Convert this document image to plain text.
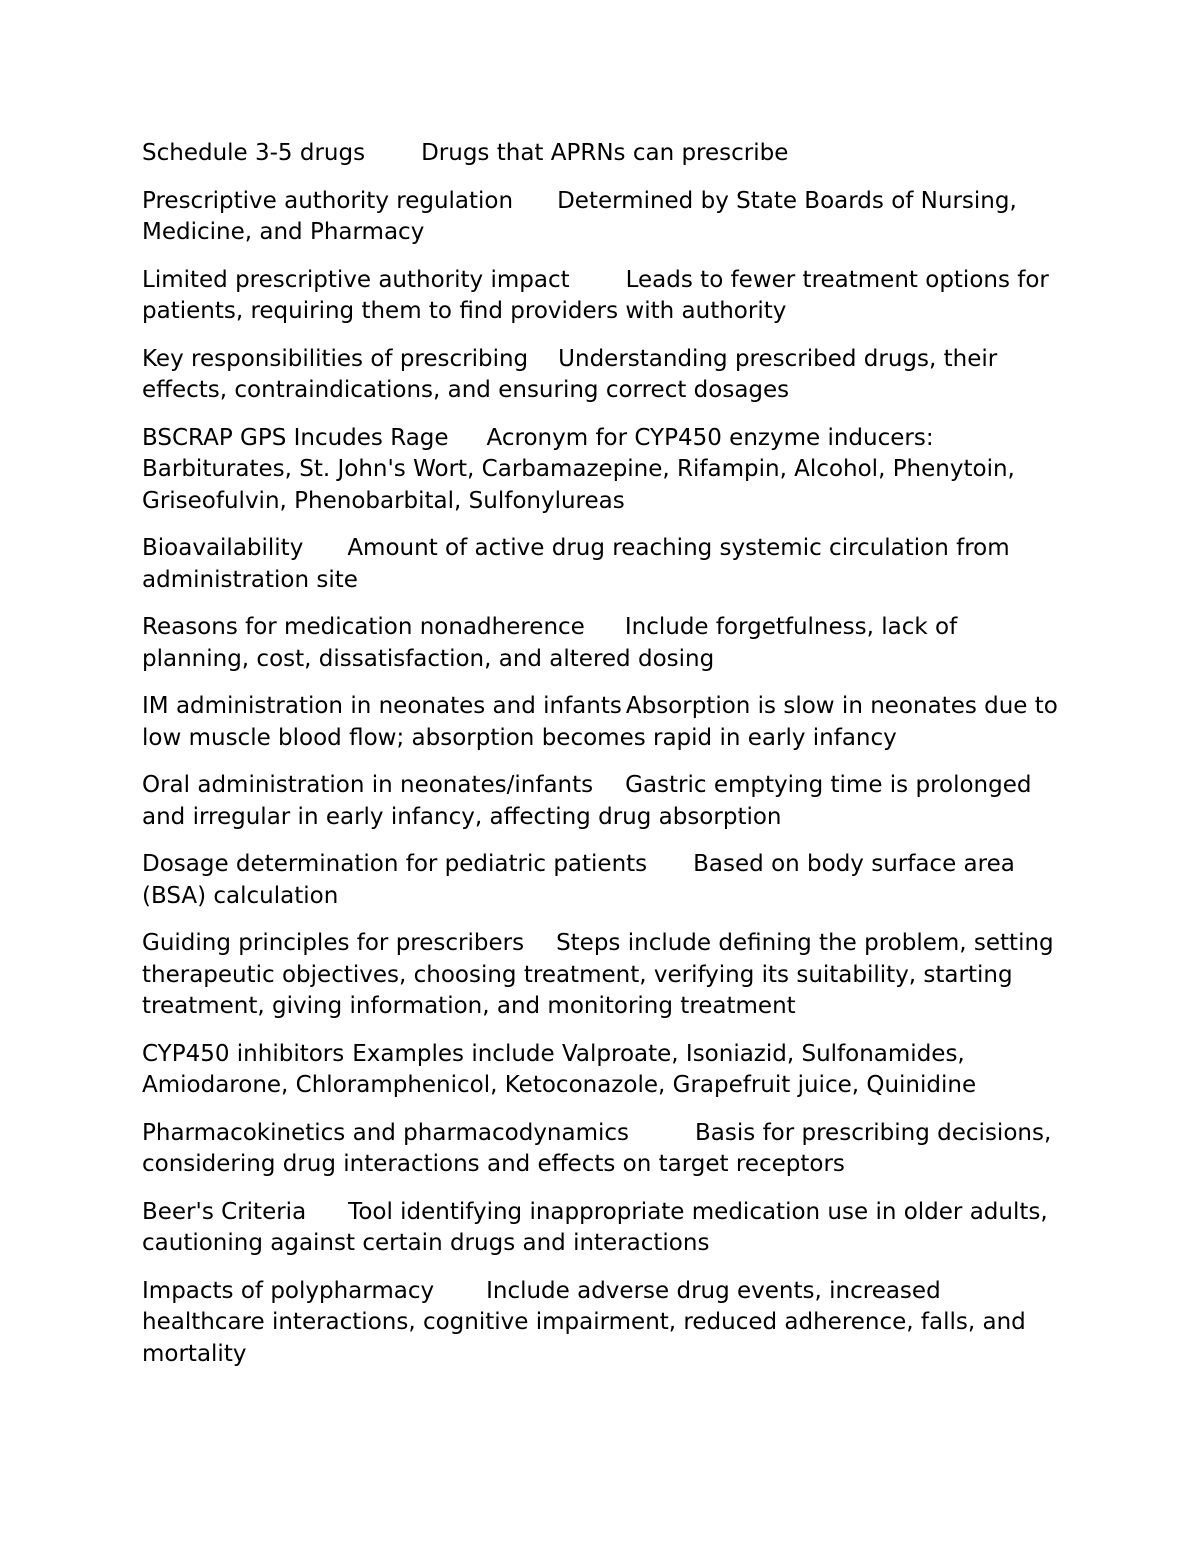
Schedule 3-5 drugs Drugs that APRNs can prescribe

Prescriptive authority regulation Determined by State Boards of Nursing, Medicine, and Pharmacy

Limited prescriptive authority impact Leads to fewer treatment options for patients, requiring them to find providers with authority

Key responsibilities of prescribing Understanding prescribed drugs, their effects, contraindications, and ensuring correct dosages

BSCRAP GPS Incudes Rage Acronym for CYP450 enzyme inducers: Barbiturates, St. John's Wort, Carbamazepine, Rifampin, Alcohol, Phenytoin, Griseofulvin, Phenobarbital, Sulfonylureas

Bioavailability Amount of active drug reaching systemic circulation from administration site

Reasons for medication nonadherence Include forgetfulness, lack of planning, cost, dissatisfaction, and altered dosing

IM administration in neonates and infants Absorption is slow in neonates due to low muscle blood flow; absorption becomes rapid in early infancy

Oral administration in neonates/infants Gastric emptying time is prolonged and irregular in early infancy, affecting drug absorption

Dosage determination for pediatric patients Based on body surface area (BSA) calculation

Guiding principles for prescribers Steps include defining the problem, setting therapeutic objectives, choosing treatment, verifying its suitability, starting treatment, giving information, and monitoring treatment

CYP450 inhibitors Examples include Valproate, Isoniazid, Sulfonamides, Amiodarone, Chloramphenicol, Ketoconazole, Grapefruit juice, Quinidine

Pharmacokinetics and pharmacodynamics	Basis for prescribing decisions, considering drug interactions and effects on target receptors

Beer's Criteria Tool identifying inappropriate medication use in older adults, cautioning against certain drugs and interactions

Impacts of polypharmacy Include adverse drug events, increased healthcare interactions, cognitive impairment, reduced adherence, falls, and mortality
